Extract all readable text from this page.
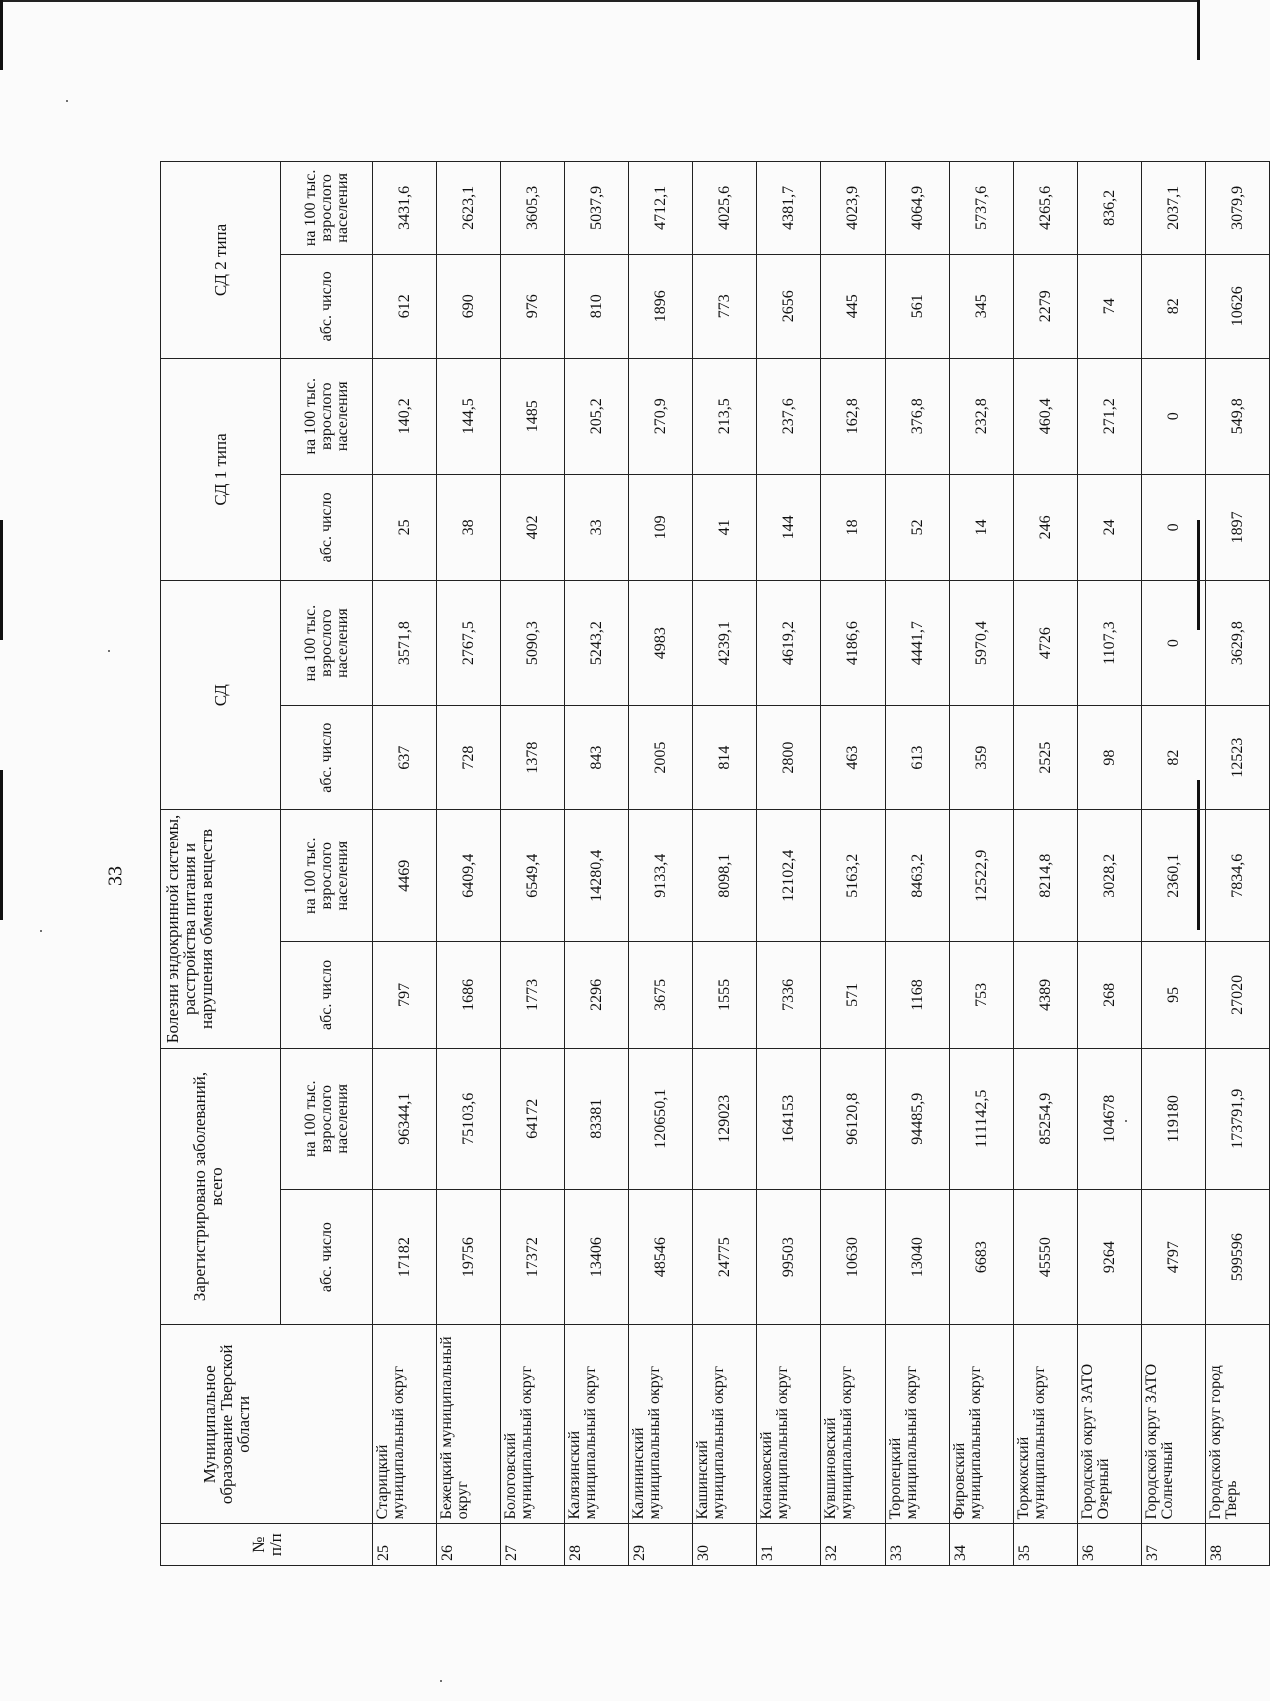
33
№
п/п	Муниципальное образование Тверской области	Зарегистрировано заболеваний, всего		Болезни эндокринной системы, расстройства питания и нарушения обмена веществ		СД		СД 1 типа		СД 2 типа	
		абс. число	на 100 тыс. взрослого населения	абс. число	на 100 тыс. взрослого населения	абс. число	на 100 тыс. взрослого населения	абс. число	на 100 тыс. взрослого населения	абс. число	на 100 тыс. взрослого населения
25	Старицкий муниципальный округ	17182	96344,1	797	4469	637	3571,8	25	140,2	612	3431,6
26	Бежецкий муниципальный округ	19756	75103,6	1686	6409,4	728	2767,5	38	144,5	690	2623,1
27	Бологовский муниципальный округ	17372	64172	1773	6549,4	1378	5090,3	402	1485	976	3605,3
28	Калязинский муниципальный округ	13406	83381	2296	14280,4	843	5243,2	33	205,2	810	5037,9
29	Калининский муниципальный округ	48546	120650,1	3675	9133,4	2005	4983	109	270,9	1896	4712,1
30	Кашинский муниципальный округ	24775	129023	1555	8098,1	814	4239,1	41	213,5	773	4025,6
31	Конаковский муниципальный округ	99503	164153	7336	12102,4	2800	4619,2	144	237,6	2656	4381,7
32	Кувшиновский муниципальный округ	10630	96120,8	571	5163,2	463	4186,6	18	162,8	445	4023,9
33	Торопецкий муниципальный округ	13040	94485,9	1168	8463,2	613	4441,7	52	376,8	561	4064,9
34	Фировский муниципальный округ	6683	111142,5	753	12522,9	359	5970,4	14	232,8	345	5737,6
35	Торжокский муниципальный округ	45550	85254,9	4389	8214,8	2525	4726	246	460,4	2279	4265,6
36	Городской округ ЗАТО Озерный	9264	104678	268	3028,2	98	1107,3	24	271,2	74	836,2
37	Городской округ ЗАТО Солнечный	4797	119180	95	2360,1	82	0	0	0	82	2037,1
38	Городской округ город Тверь	599596	173791,9	27020	7834,6	12523	3629,8	1897	549,8	10626	3079,9
